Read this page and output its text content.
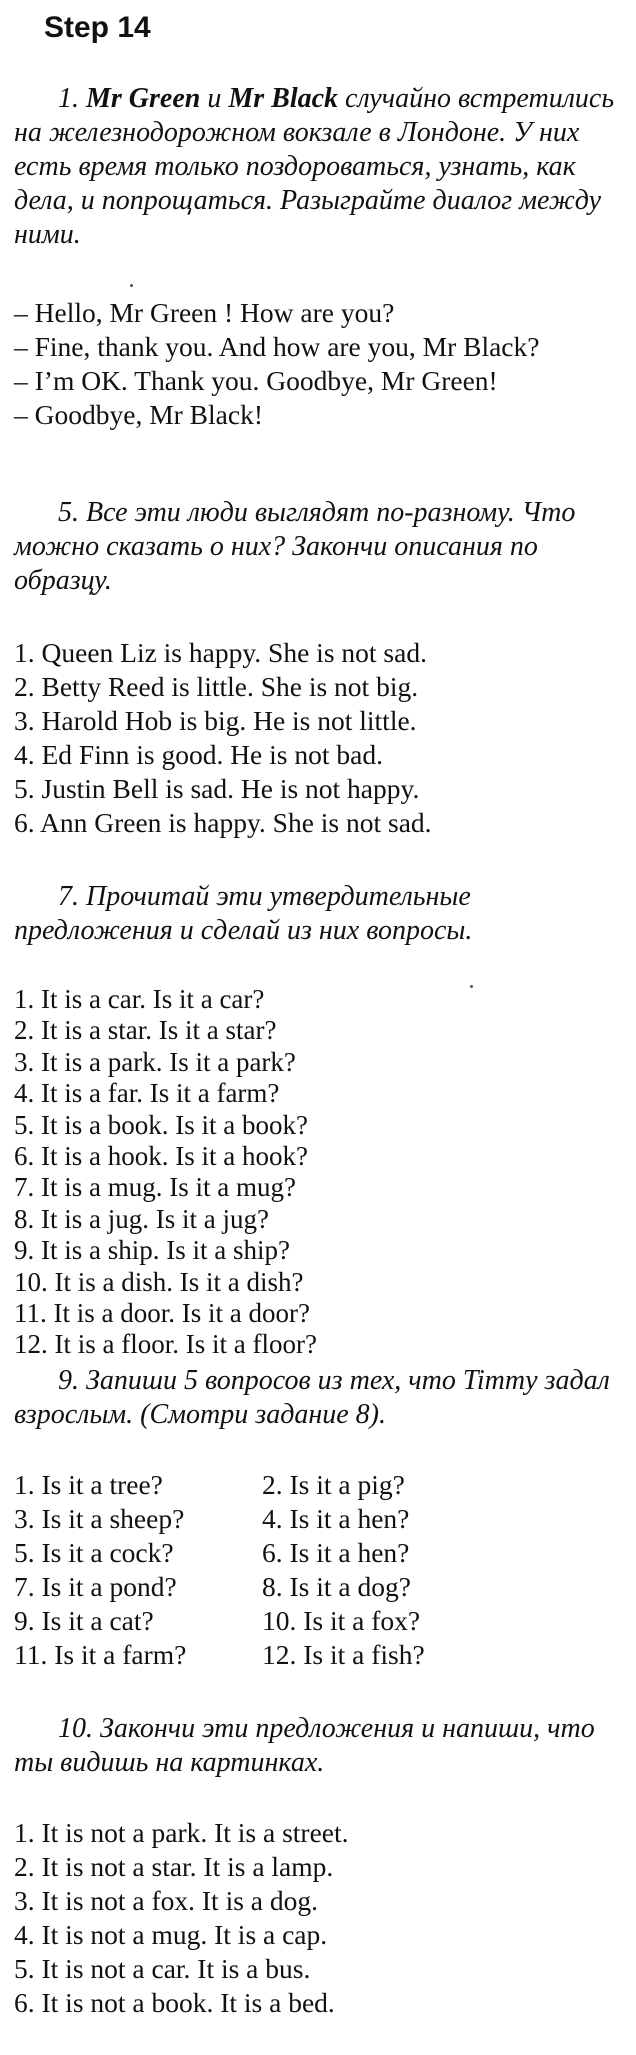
Step 14

1. Mr Green и Mr Black случайно встретились на железнодорожном вокзале в Лондоне. У них есть время только поздороваться, узнать, как дела, и попрощаться. Разыграйте диалог между ними.

– Hello, Mr Green ! How are you?
– Fine, thank you. And how are you, Mr Black?
– I’m OK. Thank you. Goodbye, Mr Green!
– Goodbye, Mr Black!

5. Все эти люди выглядят по-разному. Что можно сказать о них? Закончи описания по образцу.

1. Queen Liz is happy. She is not sad.
2. Betty Reed is little. She is not big.
3. Harold Hob is big. He is not little.
4. Ed Finn is good. He is not bad.
5. Justin Bell is sad. He is not happy.
6. Ann Green is happy. She is not sad.

7. Прочитай эти утвердительные предложения и сделай из них вопросы.

1. It is a car. Is it a car?
2. It is a star. Is it a star?
3. It is a park. Is it a park?
4. It is a far. Is it a farm?
5. It is a book. Is it a book?
6. It is a hook. Is it a hook?
7. It is a mug. Is it a mug?
8. It is a jug. Is it a jug?
9. It is a ship. Is it a ship?
10. It is a dish. Is it a dish?
11. It is a door. Is it a door?
12. It is a floor. Is it a floor?

9. Запиши 5 вопросов из тех, что Timmy задал взрослым. (Смотри задание 8).

1. Is it a tree?	2. Is it a pig?
3. Is it a sheep?	4. Is it a hen?
5. Is it a cock?	6. Is it a hen?
7. Is it a pond?	8. Is it a dog?
9. Is it a cat?	10. Is it a fox?
11. Is it a farm?	12. Is it a fish?

10. Закончи эти предложения и напиши, что ты видишь на картинках.

1. It is not a park. It is a street.
2. It is not a star. It is a lamp.
3. It is not a fox. It is a dog.
4. It is not a mug. It is a cap.
5. It is not a car. It is a bus.
6. It is not a book. It is a bed.
